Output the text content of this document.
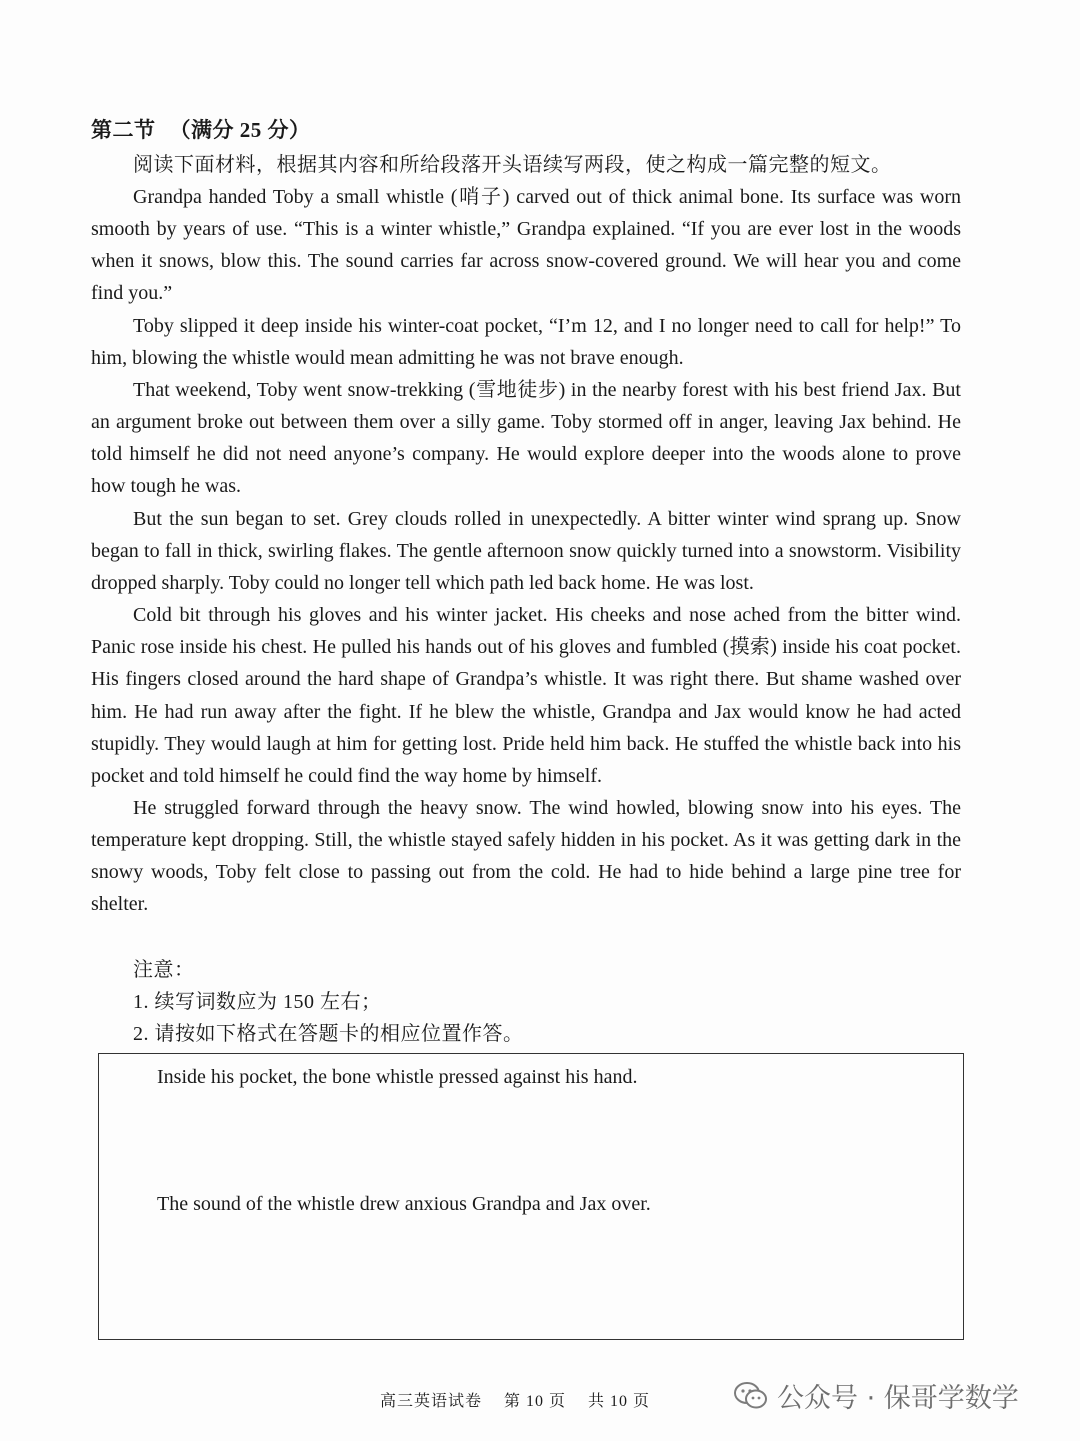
第二节 （满分 25 分）
阅读下面材料，根据其内容和所给段落开头语续写两段，使之构成一篇完整的短文。

Grandpa handed Toby a small whistle (哨子) carved out of thick animal bone. Its surface was worn smooth by years of use. “This is a winter whistle,” Grandpa explained. “If you are ever lost in the woods when it snows, blow this. The sound carries far across snow-covered ground. We will hear you and come find you.”

Toby slipped it deep inside his winter-coat pocket, “I’m 12, and I no longer need to call for help!” To him, blowing the whistle would mean admitting he was not brave enough.

That weekend, Toby went snow-trekking (雪地徒步) in the nearby forest with his best friend Jax. But an argument broke out between them over a silly game. Toby stormed off in anger, leaving Jax behind. He told himself he did not need anyone’s company. He would explore deeper into the woods alone to prove how tough he was.

But the sun began to set. Grey clouds rolled in unexpectedly. A bitter winter wind sprang up. Snow began to fall in thick, swirling flakes. The gentle afternoon snow quickly turned into a snowstorm. Visibility dropped sharply. Toby could no longer tell which path led back home. He was lost.

Cold bit through his gloves and his winter jacket. His cheeks and nose ached from the bitter wind. Panic rose inside his chest. He pulled his hands out of his gloves and fumbled (摸索) inside his coat pocket. His fingers closed around the hard shape of Grandpa’s whistle. It was right there. But shame washed over him. He had run away after the fight. If he blew the whistle, Grandpa and Jax would know he had acted stupidly. They would laugh at him for getting lost. Pride held him back. He stuffed the whistle back into his pocket and told himself he could find the way home by himself.

He struggled forward through the heavy snow. The wind howled, blowing snow into his eyes. The temperature kept dropping. Still, the whistle stayed safely hidden in his pocket. As it was getting dark in the snowy woods, Toby felt close to passing out from the cold. He had to hide behind a large pine tree for shelter.

注意：
1. 续写词数应为 150 左右；
2. 请按如下格式在答题卡的相应位置作答。
Inside his pocket, the bone whistle pressed against his hand.
The sound of the whistle drew anxious Grandpa and Jax over.
高三英语试卷 第 10 页 共 10 页	公众号 · 保哥学数学
